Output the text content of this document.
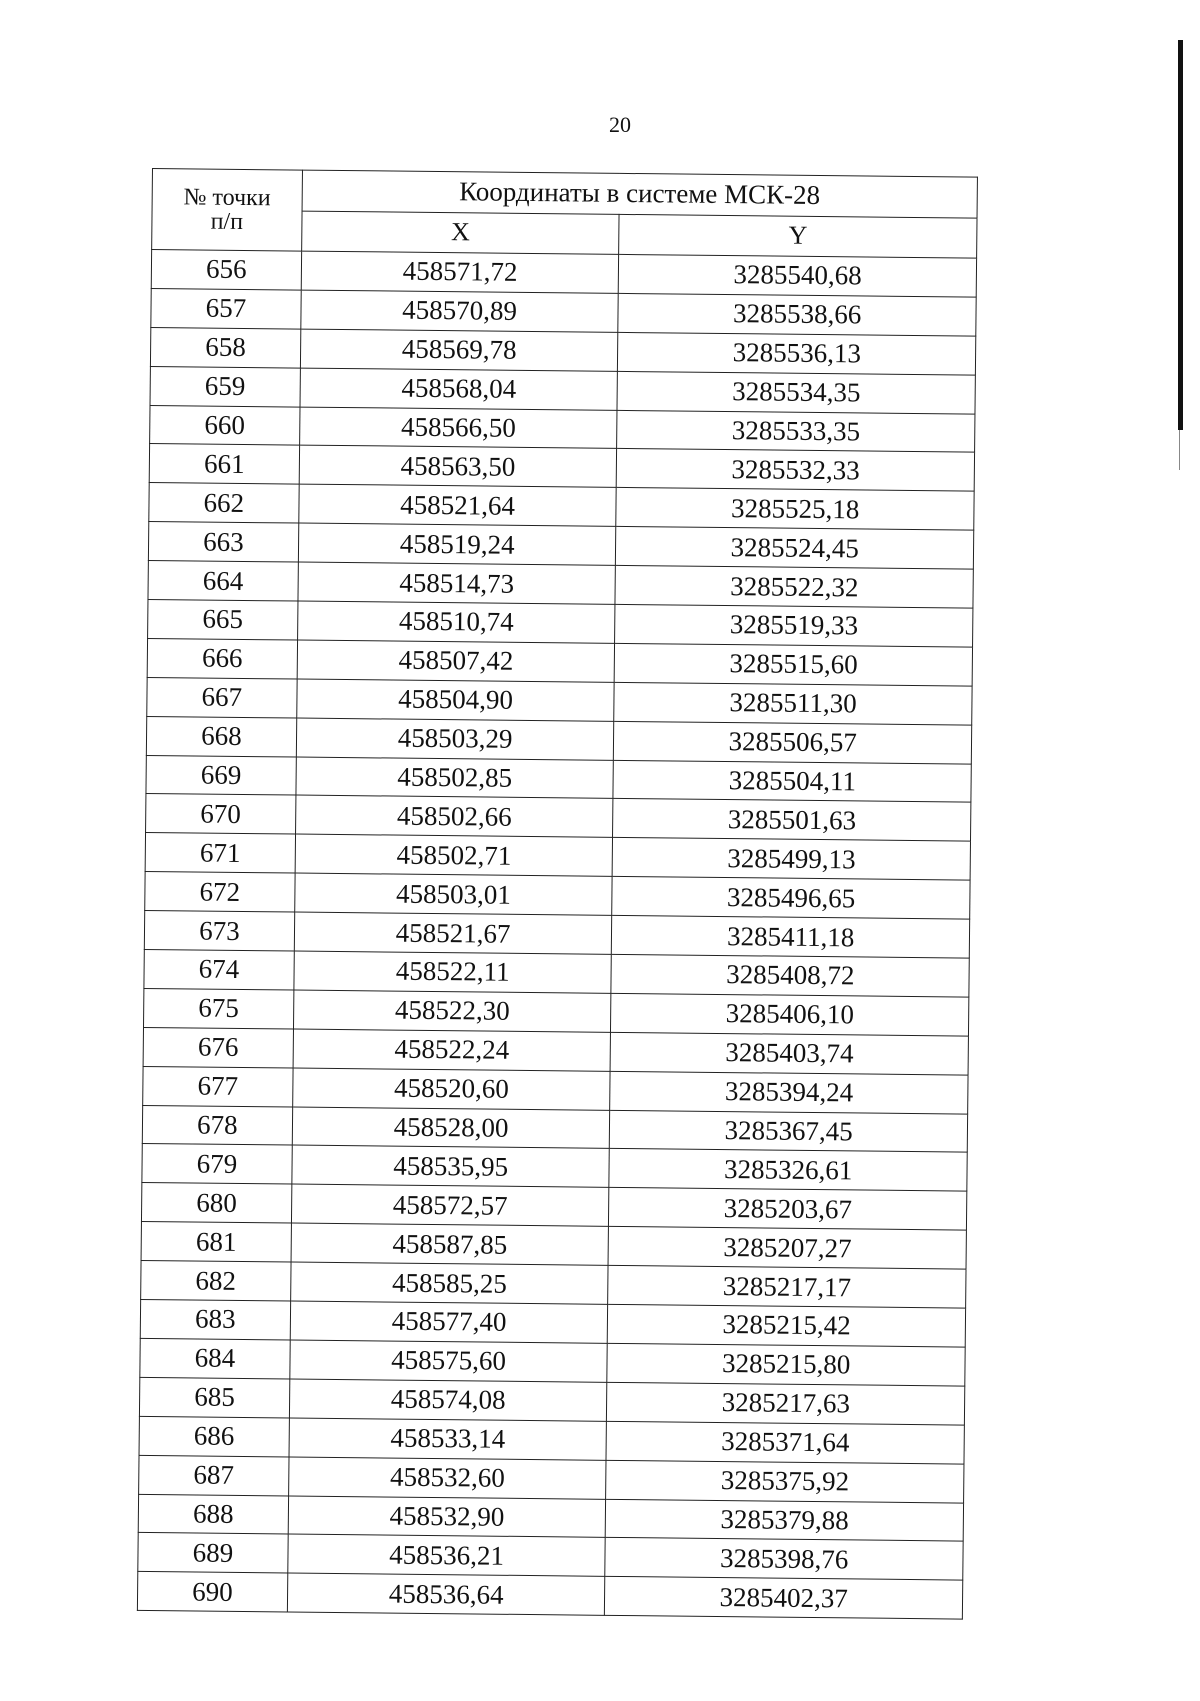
20
№ точки
п/п	Координаты в системе МСК-28	
	X	Y
656	458571,72	3285540,68
657	458570,89	3285538,66
658	458569,78	3285536,13
659	458568,04	3285534,35
660	458566,50	3285533,35
661	458563,50	3285532,33
662	458521,64	3285525,18
663	458519,24	3285524,45
664	458514,73	3285522,32
665	458510,74	3285519,33
666	458507,42	3285515,60
667	458504,90	3285511,30
668	458503,29	3285506,57
669	458502,85	3285504,11
670	458502,66	3285501,63
671	458502,71	3285499,13
672	458503,01	3285496,65
673	458521,67	3285411,18
674	458522,11	3285408,72
675	458522,30	3285406,10
676	458522,24	3285403,74
677	458520,60	3285394,24
678	458528,00	3285367,45
679	458535,95	3285326,61
680	458572,57	3285203,67
681	458587,85	3285207,27
682	458585,25	3285217,17
683	458577,40	3285215,42
684	458575,60	3285215,80
685	458574,08	3285217,63
686	458533,14	3285371,64
687	458532,60	3285375,92
688	458532,90	3285379,88
689	458536,21	3285398,76
690	458536,64	3285402,37
